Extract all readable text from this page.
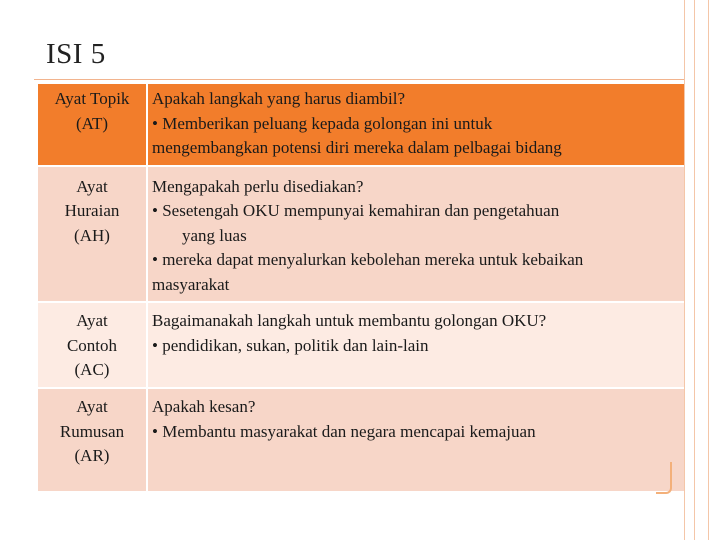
ISI 5
Ayat Topik
(AT)	Apakah langkah yang harus diambil?
• Memberikan peluang kepada golongan ini untuk
mengembangkan potensi diri mereka dalam pelbagai bidang

Ayat
Huraian
(AH)	Mengapakah perlu disediakan?
• Sesetengah OKU mempunyai kemahiran dan pengetahuan
yang luas
• mereka dapat menyalurkan kebolehan mereka untuk kebaikan
masyarakat

Ayat
Contoh
(AC)	Bagaimanakah langkah untuk membantu golongan OKU?
• pendidikan, sukan, politik dan lain-lain

Ayat
Rumusan
(AR)	Apakah kesan?
• Membantu masyarakat dan negara mencapai kemajuan
